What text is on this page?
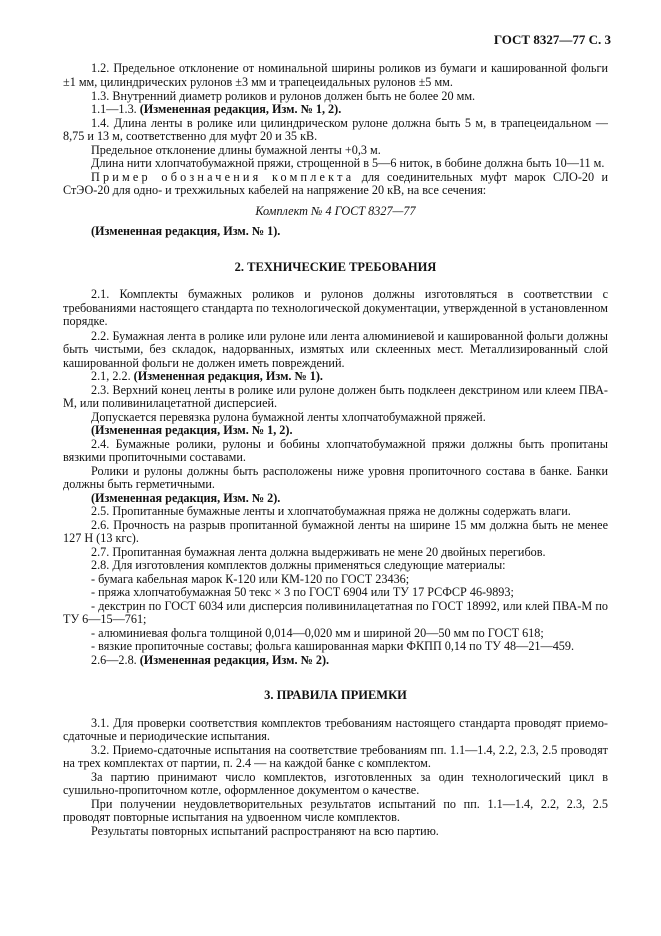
ГОСТ 8327—77 С. 3

1.2. Предельное отклонение от номинальной ширины роликов из бумаги и кашированной фольги ±1 мм, цилиндрических рулонов ±3 мм и трапецеидальных рулонов ±5 мм.

1.3. Внутренний диаметр роликов и рулонов должен быть не более 20 мм.

1.1—1.3. (Измененная редакция, Изм. № 1, 2).

1.4. Длина ленты в ролике или цилиндрическом рулоне должна быть 5 м, в трапецеидальном — 8,75 и 13 м, соответственно для муфт 20 и 35 кВ.

Предельное отклонение длины бумажной ленты +0,3 м.

Длина нити хлопчатобумажной пряжи, строщенной в 5—6 ниток, в бобине должна быть 10—11 м.

Пример обозначения комплекта для соединительных муфт марок СЛО-20 и СтЭО-20 для одно- и трехжильных кабелей на напряжение 20 кВ, на все сечения:

Комплект № 4 ГОСТ 8327—77

(Измененная редакция, Изм. № 1).

2. ТЕХНИЧЕСКИЕ ТРЕБОВАНИЯ

2.1. Комплекты бумажных роликов и рулонов должны изготовляться в соответствии с требованиями настоящего стандарта по технологической документации, утвержденной в установленном порядке.

2.2. Бумажная лента в ролике или рулоне или лента алюминиевой и кашированной фольги должны быть чистыми, без складок, надорванных, измятых или склеенных мест. Металлизированный слой кашированной фольги не должен иметь повреждений.

2.1, 2.2. (Измененная редакция, Изм. № 1).

2.3. Верхний конец ленты в ролике или рулоне должен быть подклеен декстрином или клеем ПВА-М, или поливинилацетатной дисперсией.

Допускается перевязка рулона бумажной ленты хлопчатобумажной пряжей.

(Измененная редакция, Изм. № 1, 2).

2.4. Бумажные ролики, рулоны и бобины хлопчатобумажной пряжи должны быть пропитаны вязкими пропиточными составами.

Ролики и рулоны должны быть расположены ниже уровня пропиточного состава в банке. Банки должны быть герметичными.

(Измененная редакция, Изм. № 2).

2.5. Пропитанные бумажные ленты и хлопчатобумажная пряжа не должны содержать влаги.

2.6. Прочность на разрыв пропитанной бумажной ленты на ширине 15 мм должна быть не менее 127 Н (13 кгс).

2.7. Пропитанная бумажная лента должна выдерживать не мене 20 двойных перегибов.

2.8. Для изготовления комплектов должны применяться следующие материалы:

- бумага кабельная марок К-120 или КМ-120 по ГОСТ 23436;

- пряжа хлопчатобумажная 50 текс × 3 по ГОСТ 6904 или ТУ 17 РСФСР 46-9893;

- декстрин по ГОСТ 6034 или дисперсия поливинилацетатная по ГОСТ 18992, или клей ПВА-М по ТУ 6—15—761;

- алюминиевая фольга толщиной 0,014—0,020 мм и шириной 20—50 мм по ГОСТ 618;

- вязкие пропиточные составы; фольга кашированная марки ФКПП 0,14 по ТУ 48—21—459.

2.6—2.8. (Измененная редакция, Изм. № 2).

3. ПРАВИЛА ПРИЕМКИ

3.1. Для проверки соответствия комплектов требованиям настоящего стандарта проводят приемо-сдаточные и периодические испытания.

3.2. Приемо-сдаточные испытания на соответствие требованиям пп. 1.1—1.4, 2.2, 2.3, 2.5 проводят на трех комплектах от партии, п. 2.4 — на каждой банке с комплектом.

За партию принимают число комплектов, изготовленных за один технологический цикл в сушильно-пропиточном котле, оформленное документом о качестве.

При получении неудовлетворительных результатов испытаний по пп. 1.1—1.4, 2.2, 2.3, 2.5 проводят повторные испытания на удвоенном числе комплектов.

Результаты повторных испытаний распространяют на всю партию.
